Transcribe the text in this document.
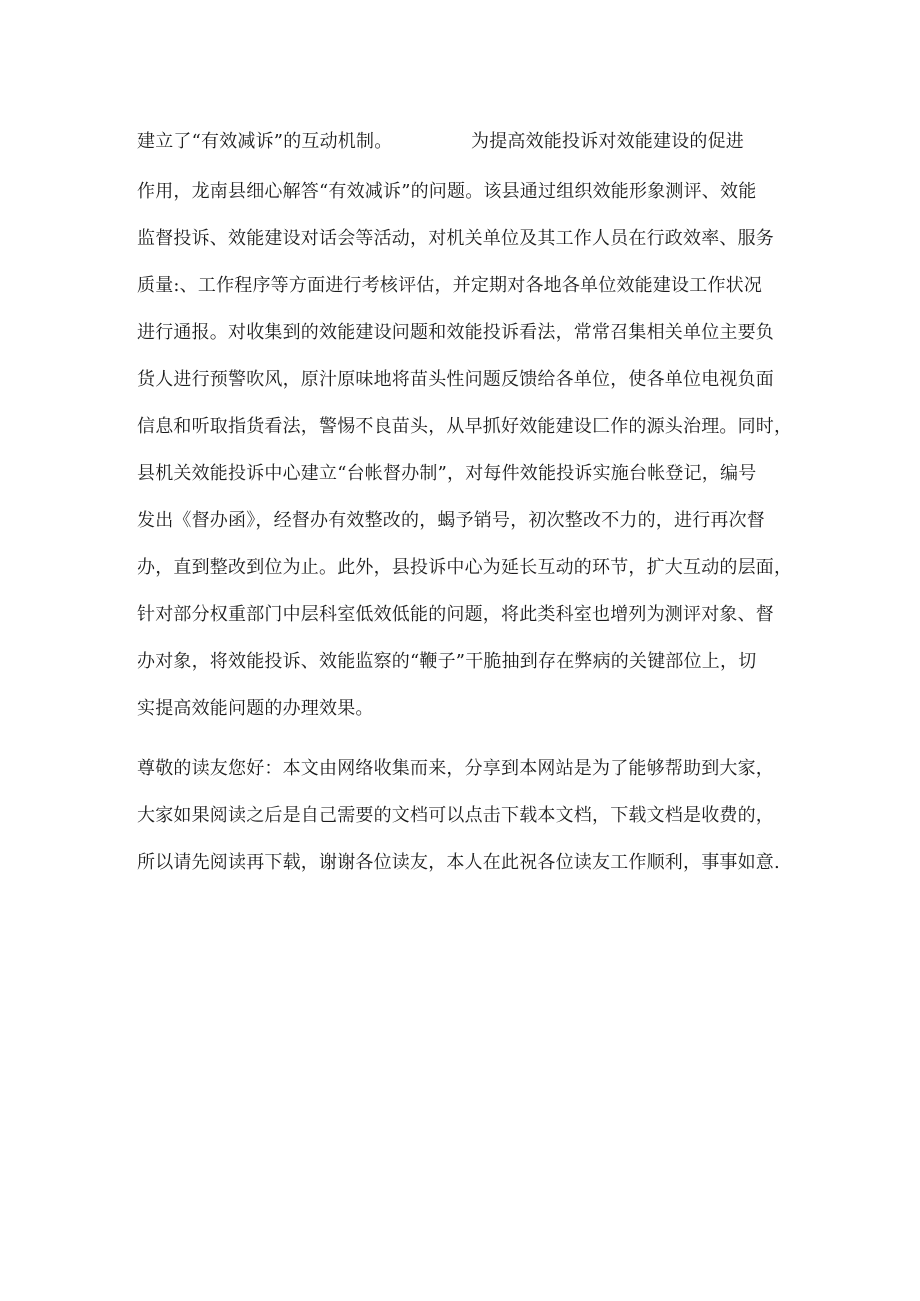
建立了“有效减诉”的互动机制。	为提高效能投诉对效能建设的促进
作用，龙南县细心解答“有效减诉”的问题。该县通过组织效能形象测评、效能
监督投诉、效能建设对话会等活动，对机关单位及其工作人员在行政效率、服务
质量:、工作程序等方面进行考核评估，并定期对各地各单位效能建设工作状况
进行通报。对收集到的效能建设问题和效能投诉看法，常常召集相关单位主要负
货人进行预警吹风，原汁原味地将苗头性问题反馈给各单位，使各单位电视负面
信息和听取指货看法，警惕不良苗头，从早抓好效能建设匚作的源头治理。同时，
县机关效能投诉中心建立“台帐督办制”，对每件效能投诉实施台帐登记，编号
发出《督办函》，经督办有效整改的，蝎予销号，初次整改不力的，进行再次督
办，直到整改到位为止。此外，县投诉中心为延长互动的环节，扩大互动的层面，
针对部分权重部门中层科室低效低能的问题，将此类科室也增列为测评对象、督
办对象，将效能投诉、效能监察的“鞭子”干脆抽到存在弊病的关键部位上，切
实提高效能问题的办理效果。
尊敬的读友您好：本文由网络收集而来，分享到本网站是为了能够帮助到大家，
大家如果阅读之后是自己需要的文档可以点击下载本文档，下载文档是收费的，
所以请先阅读再下载，谢谢各位读友，本人在此祝各位读友工作顺利，事事如意.
